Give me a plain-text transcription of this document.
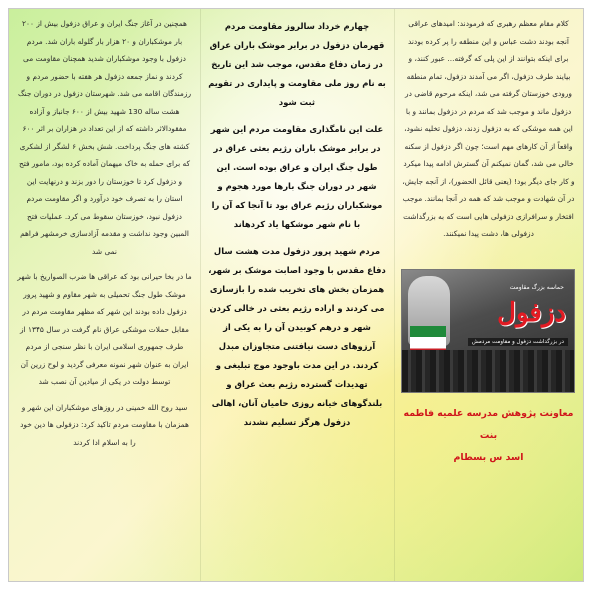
کلام مقام معظم رهبری که فرمودند: امیدهای عراقی آنجه بودند دشت عباس و این منطقه را پر کرده بودند برای اینکه بتوانند از این پلی که گرفته... عبور کنند، و بیایند طرف دزفول، اگر می آمدند دزفول، تمام منطقه ورودی خوزستان گرفته می شد، اینکه مرحوم قاضی در دزفول ماند و موجب شد که مردم در دزفول بمانند و با این همه موشکی که به دزفول زدند، دزفول تخلیه نشود، واقعاً از آن کارهای مهم است؛ چون اگر دزفول از سکنه خالی می شد، گمان نمیکنم آن گسترش ادامه پیدا میکرد و کار جای دیگر بود! (یعنی قائل الحضور)، از آنجه جایش، در آن شهادت و موجب شد که همه در آنجا بمانند. موجب افتخار و سرافرازی دزفولی هایی است که به بزرگداشت دزفولی ها، دشت پیدا نمیکنند.

حماسه بزرگ مقاومت
دزفول
در بزرگداشت دزفول و مقاومت مردمش
معاونت پژوهش مدرسه علمیه فاطمه بنت
اسد س بسطام

چهارم خرداد سالروز مقاومت مردم قهرمان دزفول در برابر موشک باران عراق در زمان دفاع مقدس، موجب شد این تاریخ به نام روز ملی مقاومت و پایداری در تقویم ثبت شود

علت این نامگذاری مقاومت مردم این شهر در برابر موشک باران رژیم بعثی عراق در طول جنگ ایران و عراق بوده است. این شهر در دوران جنگ بارها مورد هجوم و موشکباران رژیم عراق بود تا آنجا که آن را با نام شهر موشکها یاد کردهاند

مردم شهید پرور دزفول مدت هشت سال دفاع مقدس با وجود اصابت موشک بر شهر، همزمان بخش های تخریب شده را بازسازی می کردند و اراده رژیم بعثی در خالی کردن شهر و درهم کوبیدن آن را به یکی از آرزوهای دست نیافتنی متجاوزان مبدل کردند. در این مدت باوجود موج تبلیغی و تهدیدات گسترده رژیم بعث عراق و بلندگوهای خیانه روزی حامیان آنان، اهالی دزفول هرگز تسلیم نشدند

همچنین در آغاز جنگ ایران و عراق دزفول بیش از ۲۰۰ بار موشکباران و ۲۰ هزار بار گلوله باران شد. مردم دزفول با وجود موشکباران شدید همچنان مقاومت می کردند و نماز جمعه دزفول هر هفته با حضور مردم و رزمندگان اقامه می شد. شهرستان دزفول در دوران جنگ هشت ساله 130 شهید بیش از ۶۰۰ جانباز و آزاده مفقودالاثر داشته که از این تعداد در هزاران بر اثر ۶۰۰ کشته های جنگ پرداخت. شش بخش ۶ لشگر از لشکری که برای حمله به خاک میهمان آماده کرده بود، مامور فتح و دزفول کرد تا خوزستان را دور بزند و درنهایت این استان را به تصرف خود درآورد و اگر مقاومت مردم دزفول نبود، خوزستان سقوط می کرد. عملیات فتح المبین وجود نداشت و مقدمه آزادسازی خرمشهر فراهم نمی شد

ما در بخا حیرانی بود که عراقی ها ضرب الصواریخ با شهر موشک طول جنگ تحمیلی به شهر مقاوم و شهید پرور دزفول داده بودند این شهر که مظهر مقاومت مردم در مقابل حملات موشکی عراق نام گرفت در سال ۱۳۴۵ از طرف جمهوری اسلامی ایران با نظر سنجی از مردم ایران به عنوان شهر نمونه معرفی گردید و لوح زرین آن توسط دولت در یکی از میادین آن نصب شد

سید روح الله خمینی در روزهای موشکباران این شهر و همزمان با مقاومت مردم تاکید کرد: دزفولی ها دین خود را به اسلام ادا کردند
